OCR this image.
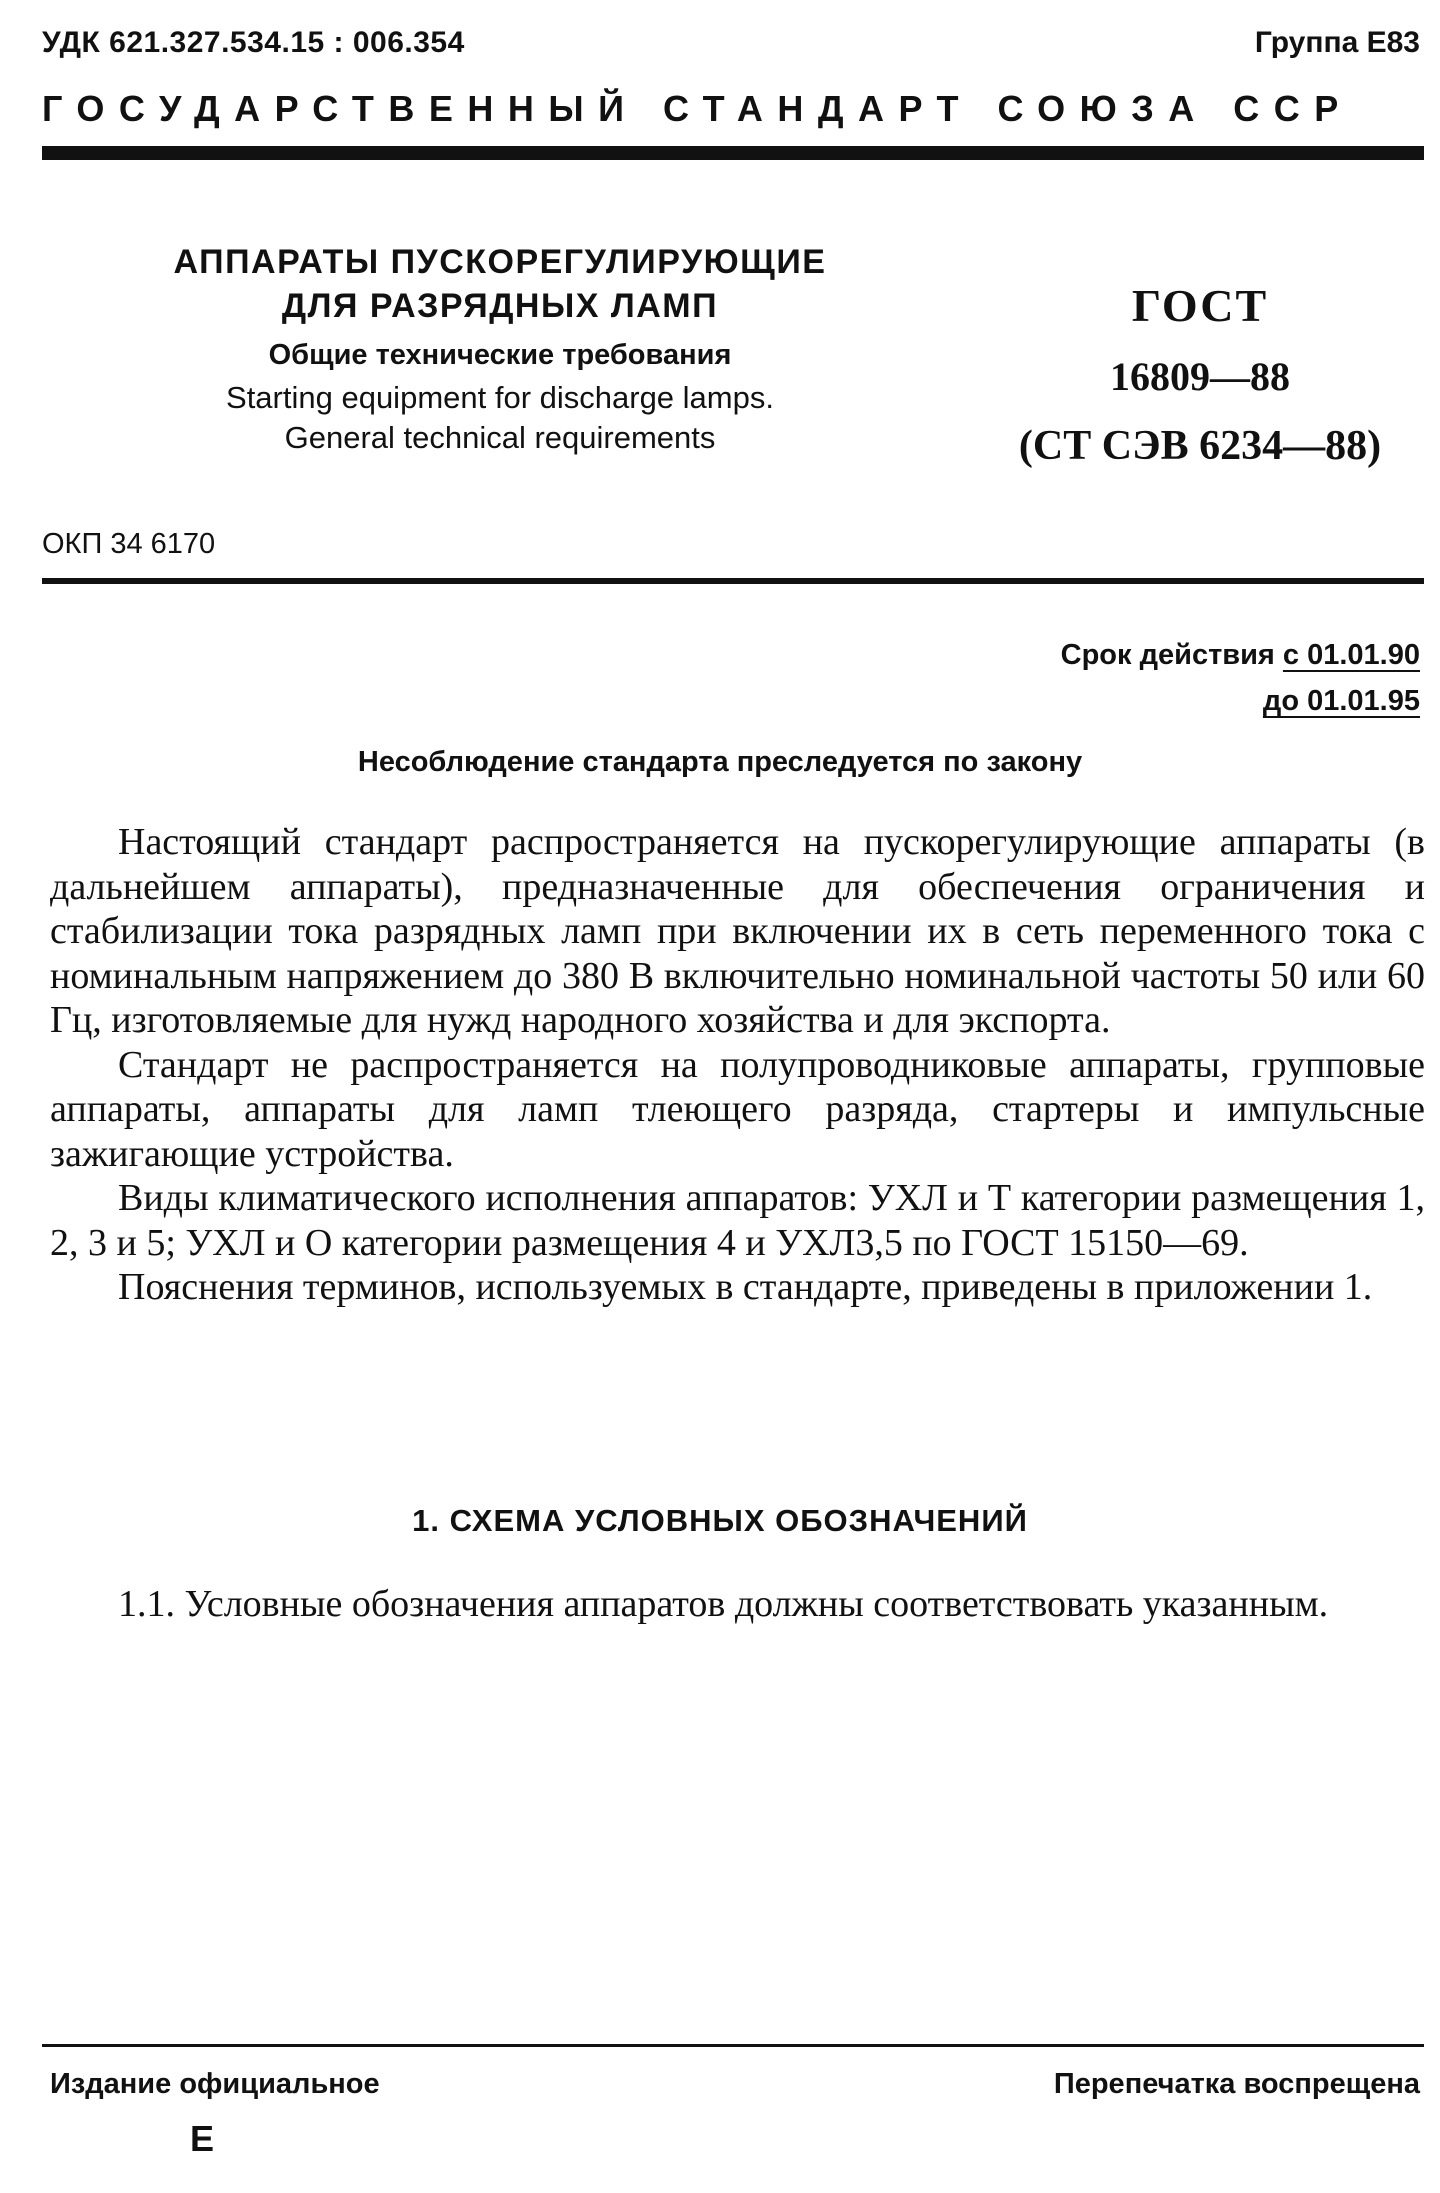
УДК 621.327.534.15 : 006.354	Группа Е83
ГОСУДАРСТВЕННЫЙ СТАНДАРТ СОЮЗА ССР
АППАРАТЫ ПУСКОРЕГУЛИРУЮЩИЕ
ДЛЯ РАЗРЯДНЫХ ЛАМП
Общие технические требования
Starting equipment for discharge lamps.
General technical requirements
ГОСТ
16809—88
(СТ СЭВ 6234—88)
ОКП 34 6170
Срок действия с 01.01.90
до 01.01.95
Несоблюдение стандарта преследуется по закону

Настоящий стандарт распространяется на пускорегулирующие аппараты (в дальнейшем аппараты), предназначенные для обеспечения ограничения и стабилизации тока разрядных ламп при включении их в сеть переменного тока с номинальным напряжением до 380 В включительно номинальной частоты 50 или 60 Гц, изготовляемые для нужд народного хозяйства и для экспорта.

Стандарт не распространяется на полупроводниковые аппараты, групповые аппараты, аппараты для ламп тлеющего разряда, стартеры и импульсные зажигающие устройства.

Виды климатического исполнения аппаратов: УХЛ и Т категории размещения 1, 2, 3 и 5; УХЛ и О категории размещения 4 и УХЛ3,5 по ГОСТ 15150—69.

Пояснения терминов, используемых в стандарте, приведены в приложении 1.

1. СХЕМА УСЛОВНЫХ ОБОЗНАЧЕНИЙ

1.1. Условные обозначения аппаратов должны соответствовать указанным.

Издание официальное	Перепечатка воспрещена
Е
